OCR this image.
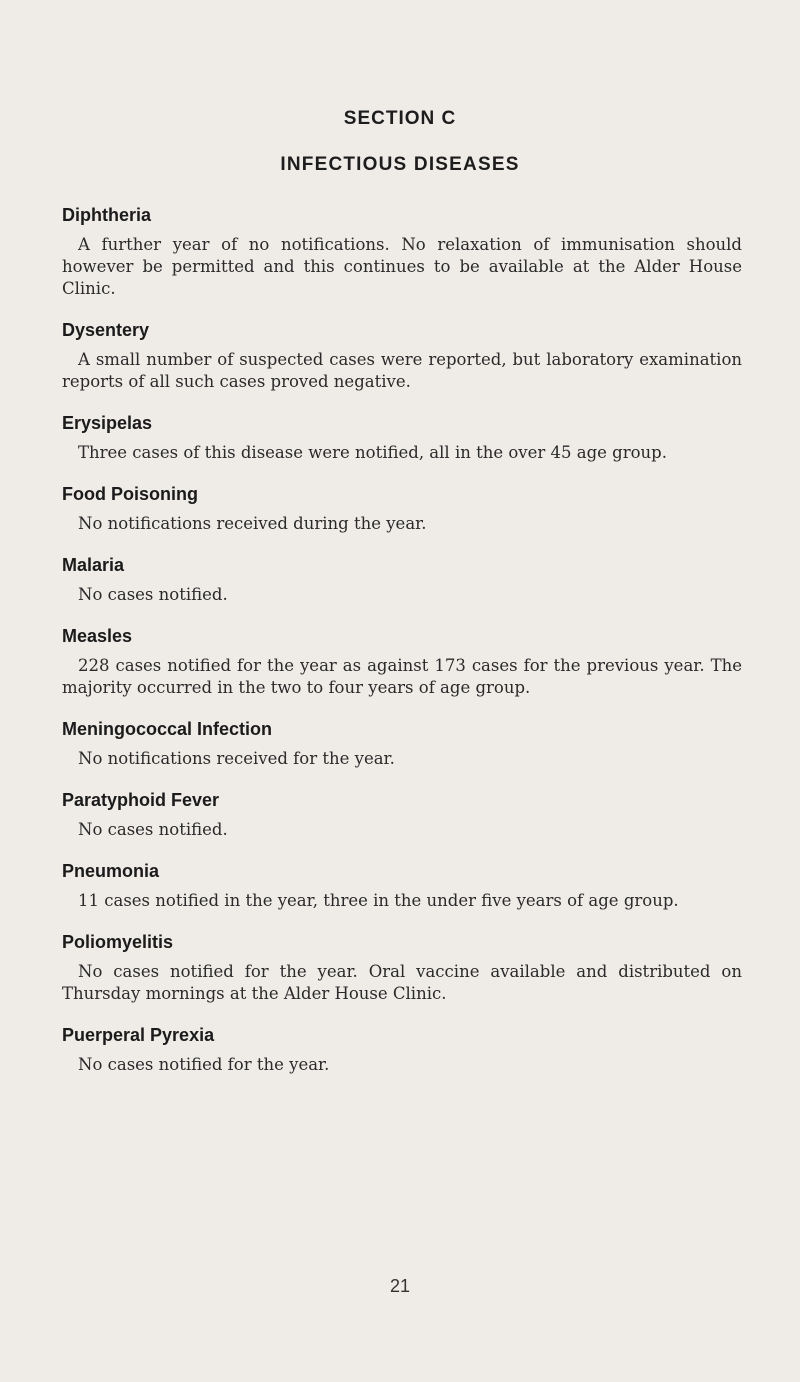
SECTION C
INFECTIOUS DISEASES
Diphtheria

A further year of no notifications. No relaxation of immunisation should however be permitted and this continues to be available at the Alder House Clinic.

Dysentery

A small number of suspected cases were reported, but laboratory examination reports of all such cases proved negative.

Erysipelas

Three cases of this disease were notified, all in the over 45 age group.

Food Poisoning

No notifications received during the year.

Malaria

No cases notified.

Measles

228 cases notified for the year as against 173 cases for the previous year. The majority occurred in the two to four years of age group.

Meningococcal Infection

No notifications received for the year.

Paratyphoid Fever

No cases notified.

Pneumonia

11 cases notified in the year, three in the under five years of age group.

Poliomyelitis

No cases notified for the year. Oral vaccine available and distributed on Thursday mornings at the Alder House Clinic.

Puerperal Pyrexia

No cases notified for the year.

21
